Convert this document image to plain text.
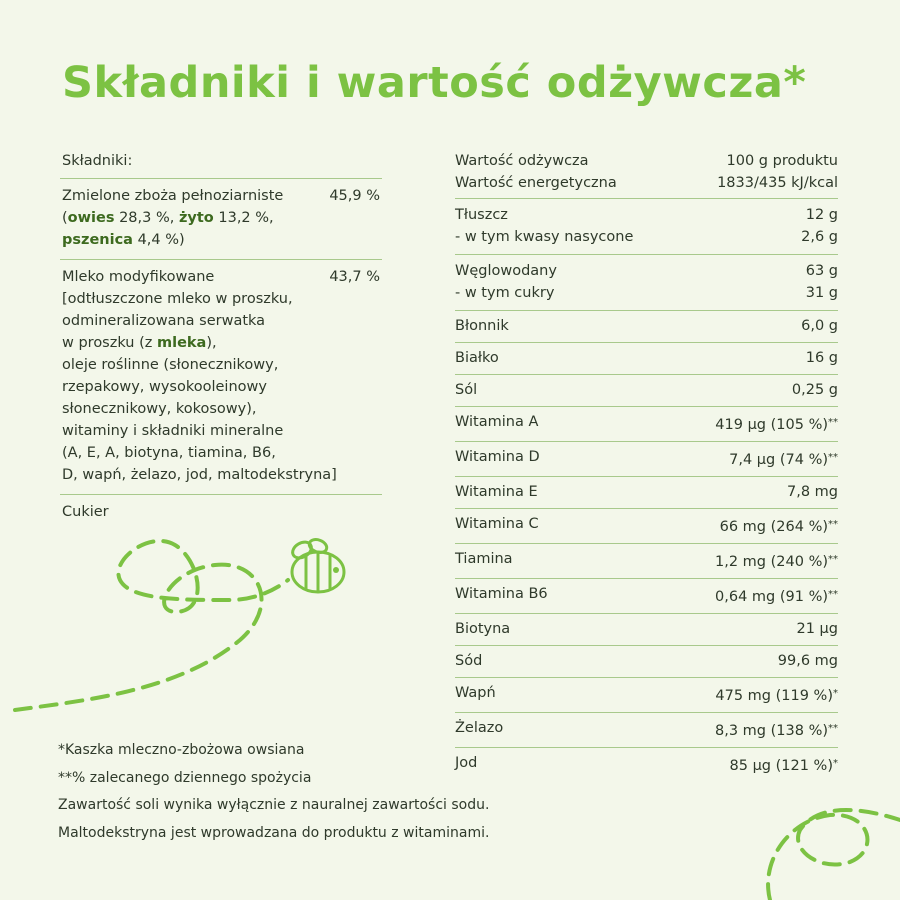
Składniki i wartość odżywcza*
Składniki:
Zmielone zboża pełnoziarniste	45,9 %
(owies 28,3 %, żyto 13,2 %,
pszenica 4,4 %)
Mleko modyfikowane	43,7 %
[odtłuszczone mleko w proszku,
odmineralizowana serwatka
w proszku (z mleka),
oleje roślinne (słonecznikowy,
rzepakowy, wysokooleinowy
słonecznikowy, kokosowy),
witaminy i składniki mineralne
(A, E, A, biotyna, tiamina, B6,
D, wapń, żelazo, jod, maltodekstryna]
Cukier
Wartość odżywcza	100 g produktu
Wartość energetyczna	1833/435 kJ/kcal
Tłuszcz	12 g
- w tym kwasy nasycone	2,6 g
Węglowodany	63 g
- w tym cukry	31 g
Błonnik	6,0 g
Białko	16 g
Sól	0,25 g
Witamina A	419 µg (105 %)**
Witamina D	7,4 µg (74 %)**
Witamina E	7,8 mg
Witamina C	66 mg (264 %)**
Tiamina	1,2 mg (240 %)**
Witamina B6	0,64 mg (91 %)**
Biotyna	21 µg
Sód	99,6 mg
Wapń	475 mg (119 %)*
Żelazo	8,3 mg (138 %)**
Jod	85 µg (121 %)*
*Kaszka mleczno-zbożowa owsiana
**% zalecanego dziennego spożycia
Zawartość soli wynika wyłącznie z nauralnej zawartości sodu.
Maltodekstryna jest wprowadzana do produktu z witaminami.
